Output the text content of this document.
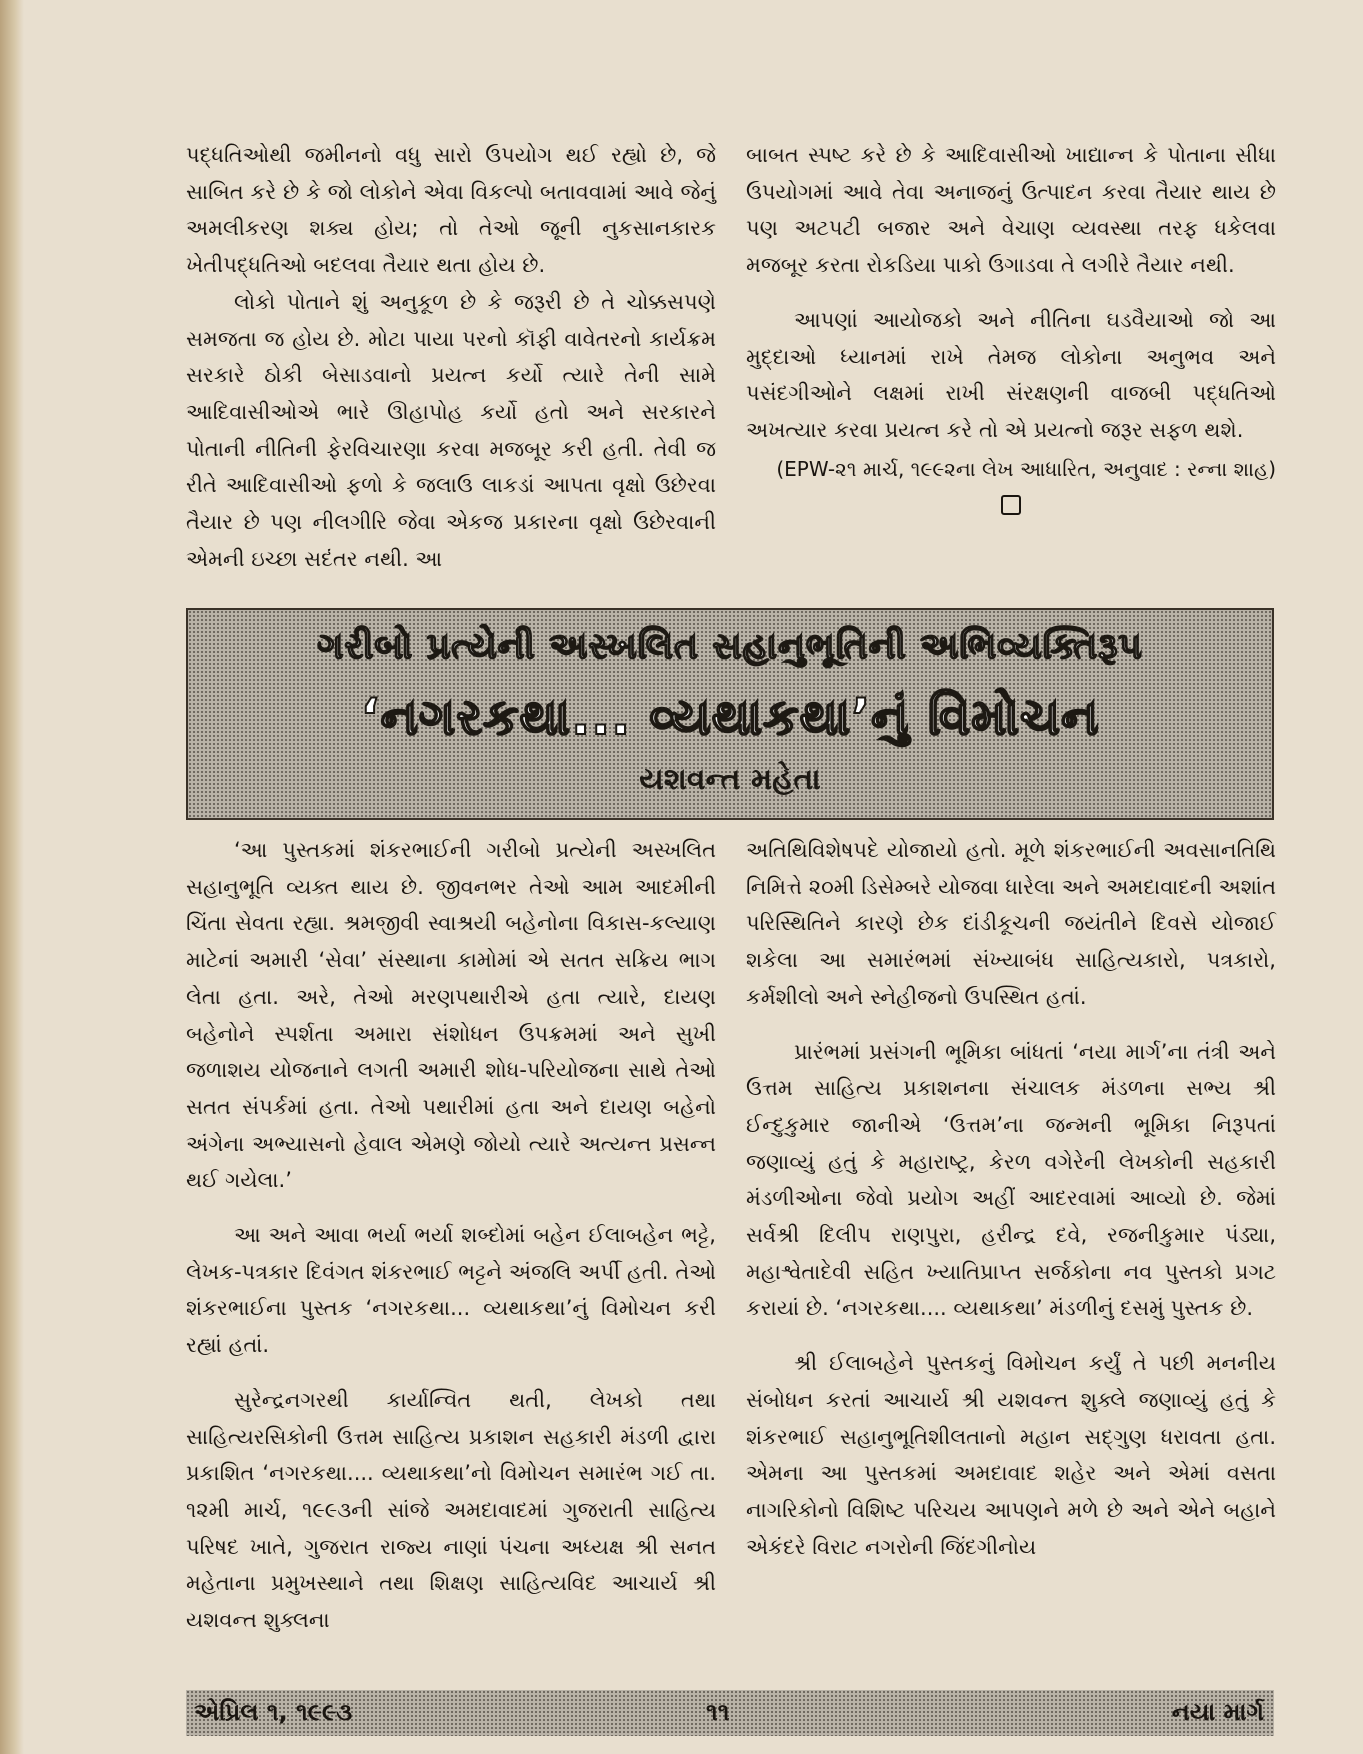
પદ્ધતિઓથી જમીનનો વધુ સારો ઉપયોગ થઈ રહ્યો છે, જે સાબિત કરે છે કે જો લોકોને એવા વિકલ્પો બતાવવામાં આવે જેનું અમલીકરણ શક્ય હોય; તો તેઓ જૂની નુકસાનકારક ખેતીપદ્ધતિઓ બદલવા તૈયાર થતા હોય છે.

લોકો પોતાને શું અનુકૂળ છે કે જરૂરી છે તે ચોક્કસપણે સમજતા જ હોય છે. મોટા પાયા પરનો કૉફી વાવેતરનો કાર્યક્રમ સરકારે ઠોકી બેસાડવાનો પ્રયત્ન કર્યો ત્યારે તેની સામે આદિવાસીઓએ ભારે ઊહાપોહ કર્યો હતો અને સરકારને પોતાની નીતિની ફેરવિચારણા કરવા મજબૂર કરી હતી. તેવી જ રીતે આદિવાસીઓ ફળો કે જલાઉ લાકડાં આપતા વૃક્ષો ઉછેરવા તૈયાર છે પણ નીલગીરિ જેવા એકજ પ્રકારના વૃક્ષો ઉછેરવાની એમની ઇચ્છા સદંતર નથી. આ

બાબત સ્પષ્ટ કરે છે કે આદિવાસીઓ ખાદ્યાન્ન કે પોતાના સીધા ઉપયોગમાં આવે તેવા અનાજનું ઉત્પાદન કરવા તૈયાર થાય છે પણ અટપટી બજાર અને વેચાણ વ્યવસ્થા તરફ ધકેલવા મજબૂર કરતા રોકડિયા પાકો ઉગાડવા તે લગીરે તૈયાર નથી.

આપણાં આયોજકો અને નીતિના ઘડવૈયાઓ જો આ મુદ્દાઓ ધ્યાનમાં રાખે તેમજ લોકોના અનુભવ અને પસંદગીઓને લક્ષમાં રાખી સંરક્ષણની વાજબી પદ્ધતિઓ અખત્યાર કરવા પ્રયત્ન કરે તો એ પ્રયત્નો જરૂર સફળ થશે.

(EPW-૨૧ માર્ચ, ૧૯૯૨ના લેખ આધારિત, અનુવાદ : રન્ના શાહ)

ગરીબો પ્રત્યેની અસ્ખલિત સહાનુભૂતિની અભિવ્યક્તિરૂપ
‘નગરકથા... વ્યથાકથા’નું વિમોચન
યશવન્ત મહેતા

‘આ પુસ્તકમાં શંકરભાઈની ગરીબો પ્રત્યેની અસ્ખલિત સહાનુભૂતિ વ્યક્ત થાય છે. જીવનભર તેઓ આમ આદમીની ચિંતા સેવતા રહ્યા. શ્રમજીવી સ્વાશ્રયી બહેનોના વિકાસ-કલ્યાણ માટેનાં અમારી ‘સેવા’ સંસ્થાના કામોમાં એ સતત સક્રિય ભાગ લેતા હતા. અરે, તેઓ મરણપથારીએ હતા ત્યારે, દાયણ બહેનોને સ્પર્શતા અમારા સંશોધન ઉપક્રમમાં અને સુખી જળાશય યોજનાને લગતી અમારી શોધ-પરિયોજના સાથે તેઓ સતત સંપર્કમાં હતા. તેઓ પથારીમાં હતા અને દાયણ બહેનો અંગેના અભ્યાસનો હેવાલ એમણે જોયો ત્યારે અત્યન્ત પ્રસન્ન થઈ ગયેલા.’

આ અને આવા ભર્યા ભર્યા શબ્દોમાં બહેન ઈલાબહેન ભટ્ટે, લેખક-પત્રકાર દિવંગત શંકરભાઈ ભટ્ટને અંજલિ અર્પી હતી. તેઓ શંકરભાઈના પુસ્તક ‘નગરકથા... વ્યથાકથા’નું વિમોચન કરી રહ્યાં હતાં.

સુરેન્દ્રનગરથી કાર્યાન્વિત થતી, લેખકો તથા સાહિત્યરસિકોની ઉત્તમ સાહિત્ય પ્રકાશન સહકારી મંડળી દ્વારા પ્રકાશિત ‘નગરકથા.... વ્યથાકથા’નો વિમોચન સમારંભ ગઈ તા. ૧૨મી માર્ચ, ૧૯૯૩ની સાંજે અમદાવાદમાં ગુજરાતી સાહિત્ય પરિષદ ખાતે, ગુજરાત રાજ્ય નાણાં પંચના અધ્યક્ષ શ્રી સનત મહેતાના પ્રમુખસ્થાને તથા શિક્ષણ સાહિત્યવિદ આચાર્ય શ્રી યશવન્ત શુક્લના

અતિથિવિશેષપદે યોજાયો હતો. મૂળે શંકરભાઈની અવસાનતિથિ નિમિત્તે ૨૦મી ડિસેમ્બરે યોજવા ધારેલા અને અમદાવાદની અશાંત પરિસ્થિતિને કારણે છેક દાંડીકૂચની જયંતીને દિવસે યોજાઈ શકેલા આ સમારંભમાં સંખ્યાબંધ સાહિત્યકારો, પત્રકારો, કર્મશીલો અને સ્નેહીજનો ઉપસ્થિત હતાં.

પ્રારંભમાં પ્રસંગની ભૂમિકા બાંધતાં ‘નયા માર્ગ’ના તંત્રી અને ઉત્તમ સાહિત્ય પ્રકાશનના સંચાલક મંડળના સભ્ય શ્રી ઈન્દુકુમાર જાનીએ ‘ઉત્તમ’ના જન્મની ભૂમિકા નિરૂપતાં જણાવ્યું હતું કે મહારાષ્ટ્ર, કેરળ વગેરેની લેખકોની સહકારી મંડળીઓના જેવો પ્રયોગ અહીં આદરવામાં આવ્યો છે. જેમાં સર્વશ્રી દિલીપ રાણપુરા, હરીન્દ્ર દવે, રજનીકુમાર પંડ્યા, મહાશ્વેતાદેવી સહિત ખ્યાતિપ્રાપ્ત સર્જકોના નવ પુસ્તકો પ્રગટ કરાયાં છે. ‘નગરકથા.... વ્યથાકથા’ મંડળીનું દસમું પુસ્તક છે.

શ્રી ઈલાબહેને પુસ્તકનું વિમોચન કર્યું તે પછી મનનીય સંબોધન કરતાં આચાર્ય શ્રી યશવન્ત શુક્લે જણાવ્યું હતું કે શંકરભાઈ સહાનુભૂતિશીલતાનો મહાન સદ્ગુણ ધરાવતા હતા. એમના આ પુસ્તકમાં અમદાવાદ શહેર અને એમાં વસતા નાગરિકોનો વિશિષ્ટ પરિચય આપણને મળે છે અને એને બહાને એકંદરે વિરાટ નગરોની જિંદગીનોય

એપ્રિલ ૧, ૧૯૯૩	૧૧	નયા માર્ગ
